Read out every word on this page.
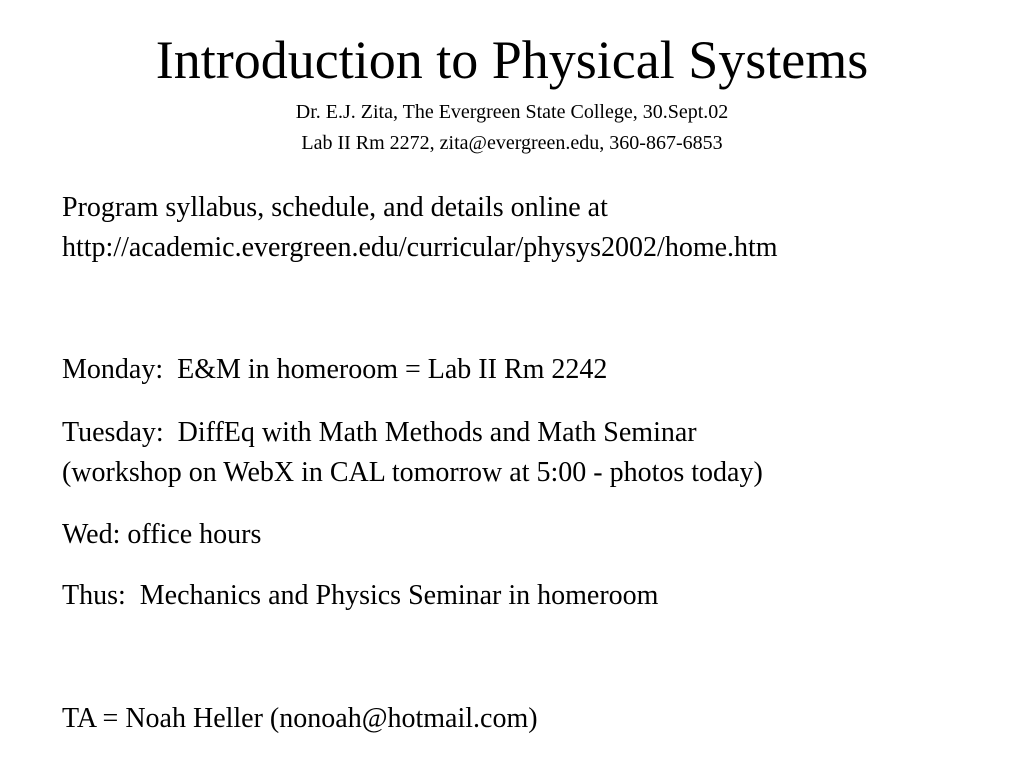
Introduction to Physical Systems
Dr. E.J. Zita, The Evergreen State College, 30.Sept.02
Lab II Rm 2272, zita@evergreen.edu, 360-867-6853
Program syllabus, schedule, and details online at
http://academic.evergreen.edu/curricular/physys2002/home.htm
Monday:  E&M in homeroom = Lab II Rm 2242
Tuesday:  DiffEq with Math Methods and Math Seminar
(workshop on WebX in CAL tomorrow at 5:00 - photos today)
Wed: office hours
Thus:  Mechanics and Physics Seminar in homeroom
TA = Noah Heller (nonoah@hotmail.com)
